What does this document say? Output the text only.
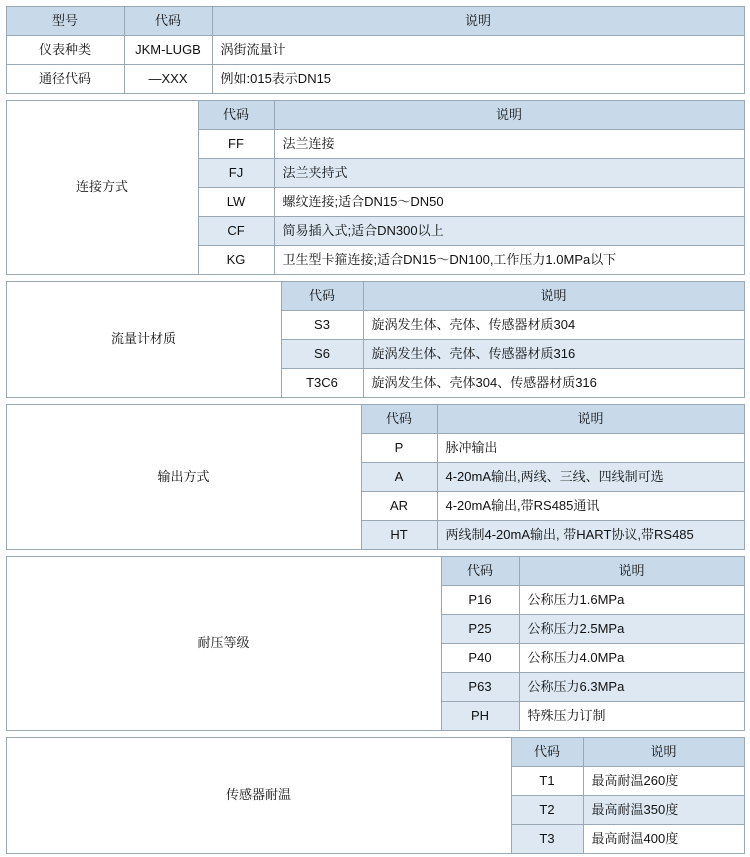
型号	代码	说明
仪表种类	JKM-LUGB	涡街流量计
通径代码	—XXX	例如:015表示DN15
连接方式	代码	说明
	FF	法兰连接
	FJ	法兰夹持式
	LW	螺纹连接;适合DN15～DN50
	CF	简易插入式;适合DN300以上
	KG	卫生型卡箍连接;适合DN15～DN100,工作压力1.0MPa以下
流量计材质	代码	说明
	S3	旋涡发生体、壳体、传感器材质304
	S6	旋涡发生体、壳体、传感器材质316
	T3C6	旋涡发生体、壳体304、传感器材质316
输出方式	代码	说明
	P	脉冲输出
	A	4-20mA输出,两线、三线、四线制可选
	AR	4-20mA输出,带RS485通讯
	HT	两线制4-20mA输出, 带HART协议,带RS485
耐压等级	代码	说明
	P16	公称压力1.6MPa
	P25	公称压力2.5MPa
	P40	公称压力4.0MPa
	P63	公称压力6.3MPa
	PH	特殊压力订制
传感器耐温	代码	说明
	T1	最高耐温260度
	T2	最高耐温350度
	T3	最高耐温400度
